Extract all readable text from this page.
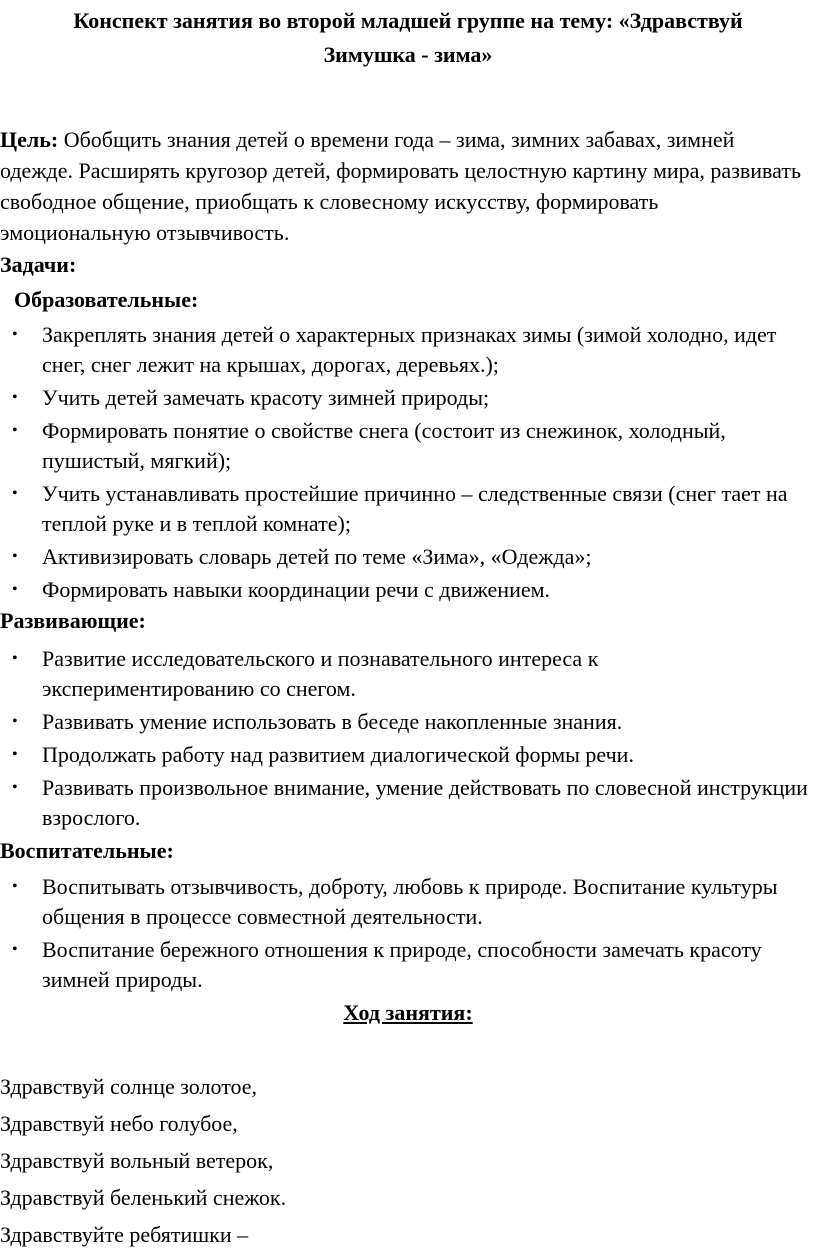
Конспект занятия во второй младшей группе на тему: «Здравствуй
Зимушка - зима»
Цель: Обобщить знания детей о времени года – зима, зимних забавах, зимней одежде. Расширять кругозор детей, формировать целостную картину мира, развивать свободное общение, приобщать к словесному искусству, формировать эмоциональную отзывчивость.
Задачи:
Образовательные:
• Закреплять знания детей о характерных признаках зимы (зимой холодно, идет снег, снег лежит на крышах, дорогах, деревьях.);
• Учить детей замечать красоту зимней природы;
• Формировать понятие о свойстве снега (состоит из снежинок, холодный, пушистый, мягкий);
• Учить устанавливать простейшие причинно – следственные связи (снег тает на теплой руке и в теплой комнате);
• Активизировать словарь детей по теме «Зима», «Одежда»;
• Формировать навыки координации речи с движением.
Развивающие:
• Развитие исследовательского и познавательного интереса к экспериментированию со снегом.
• Развивать умение использовать в беседе накопленные знания.
• Продолжать работу над развитием диалогической формы речи.
• Развивать произвольное внимание, умение действовать по словесной инструкции взрослого.
Воспитательные:
• Воспитывать отзывчивость, доброту, любовь к природе. Воспитание культуры общения в процессе совместной деятельности.
• Воспитание бережного отношения к природе, способности замечать красоту зимней природы.
Ход занятия:
Здравствуй солнце золотое,
Здравствуй небо голубое,
Здравствуй вольный ветерок,
Здравствуй беленький снежок.
Здравствуйте ребятишки –
